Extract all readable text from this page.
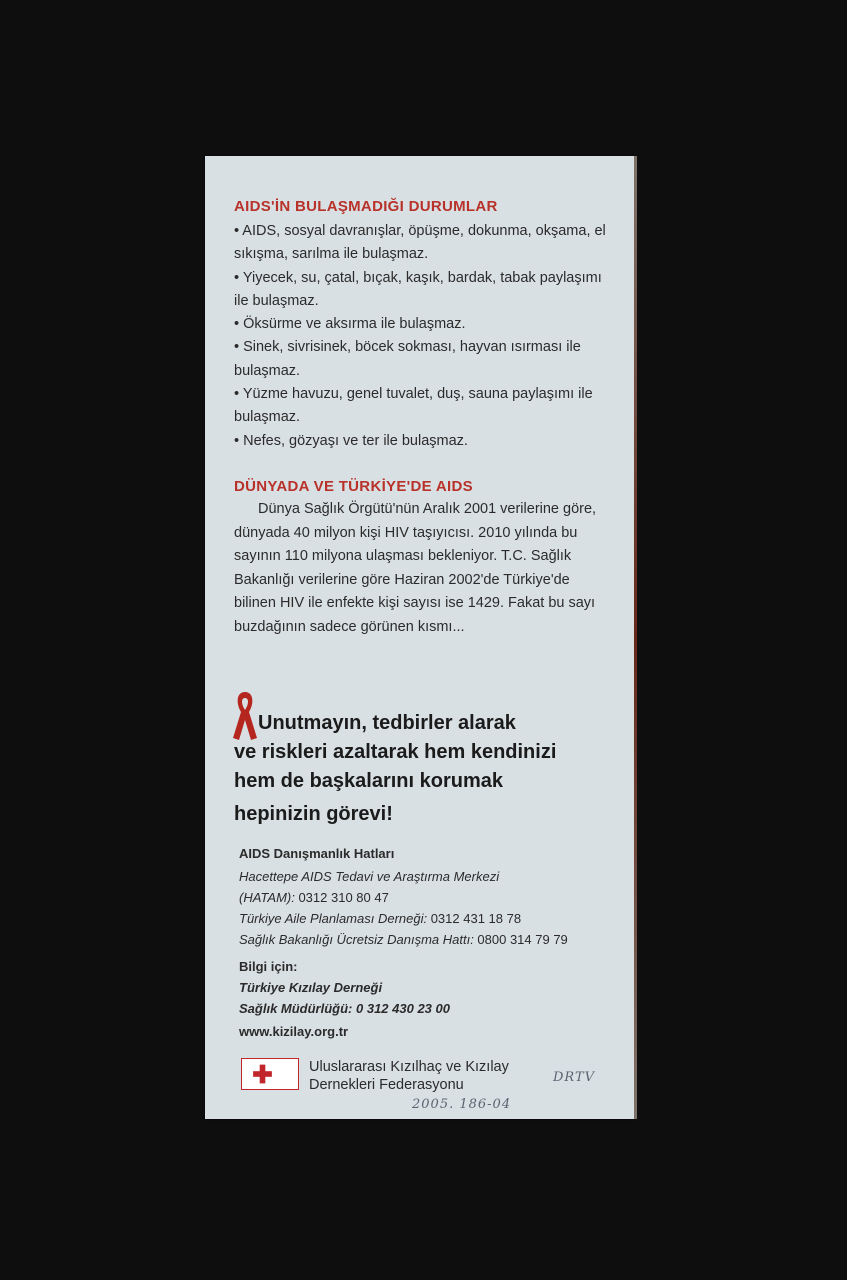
AIDS'İN BULAŞMADIĞI DURUMLAR
• AIDS, sosyal davranışlar, öpüşme, dokunma, okşama, el sıkışma, sarılma ile bulaşmaz.
• Yiyecek, su, çatal, bıçak, kaşık, bardak, tabak paylaşımı ile bulaşmaz.
• Öksürme ve aksırma ile bulaşmaz.
• Sinek, sivrisinek, böcek sokması, hayvan ısırması ile bulaşmaz.
• Yüzme havuzu, genel tuvalet, duş, sauna paylaşımı ile bulaşmaz.
• Nefes, gözyaşı ve ter ile bulaşmaz.
DÜNYADA VE TÜRKİYE'DE AIDS

Dünya Sağlık Örgütü'nün Aralık 2001 verilerine göre, dünyada 40 milyon kişi HIV taşıyıcısı. 2010 yılında bu sayının 110 milyona ulaşması bekleniyor. T.C. Sağlık Bakanlığı verilerine göre Haziran 2002'de Türkiye'de bilinen HIV ile enfekte kişi sayısı ise 1429. Fakat bu sayı buzdağının sadece görünen kısmı...

Unutmayın, tedbirler alarak
ve riskleri azaltarak hem kendinizi
hem de başkalarını korumak
hepinizin görevi!

AIDS Danışmanlık Hatları

Hacettepe AIDS Tedavi ve Araştırma Merkezi
(HATAM): 0312 310 80 47
Türkiye Aile Planlaması Derneği: 0312 431 18 78
Sağlık Bakanlığı Ücretsiz Danışma Hattı: 0800 314 79 79

Bilgi için:

Türkiye Kızılay Derneği
Sağlık Müdürlüğü: 0 312 430 23 00

www.kizilay.org.tr

Uluslararası Kızılhaç ve Kızılay
Dernekleri Federasyonu	DRTV
2005. 186-04
